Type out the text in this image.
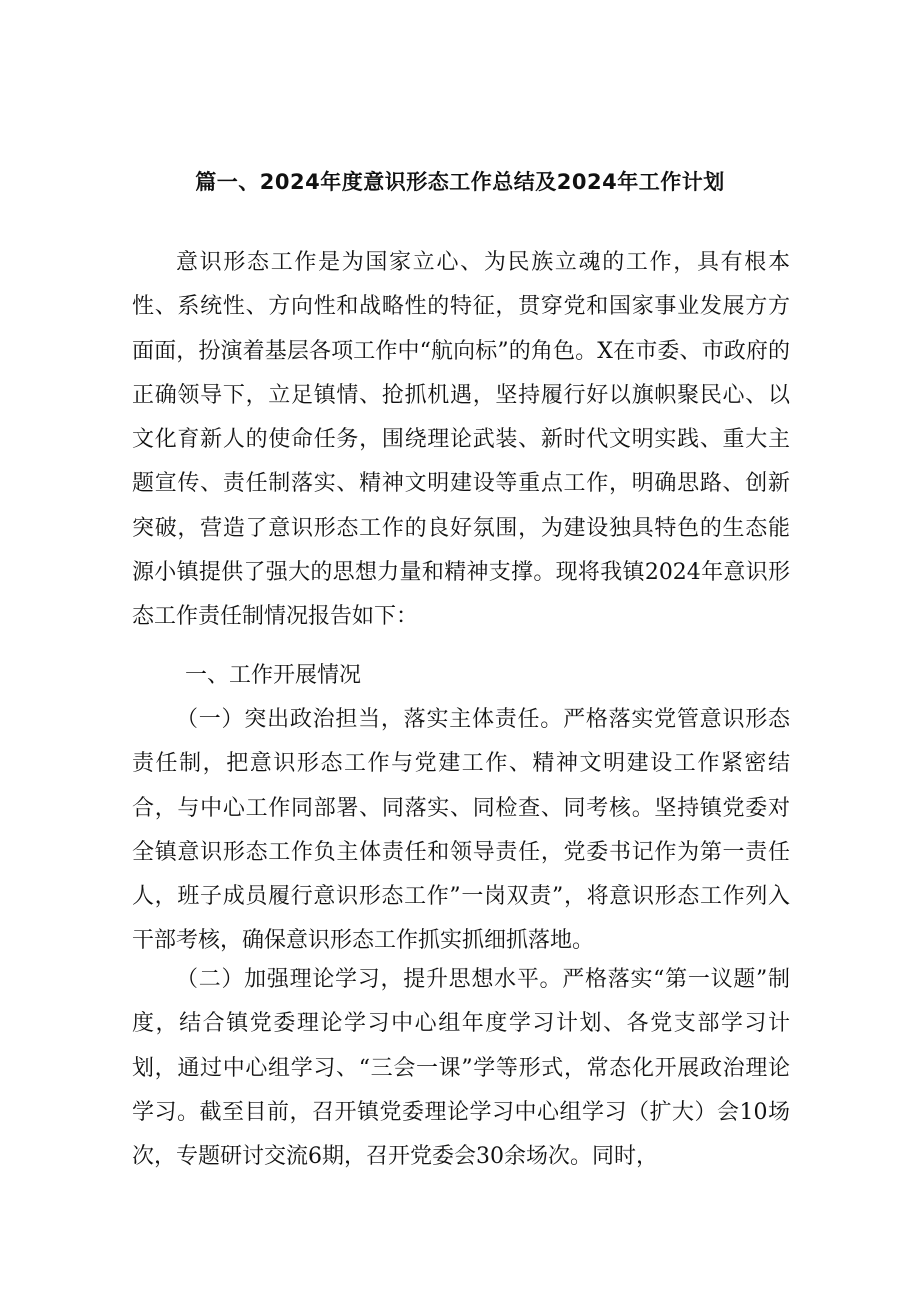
篇一、2024年度意识形态工作总结及2024年工作计划

意识形态工作是为国家立心、为民族立魂的工作，具有根本性、系统性、方向性和战略性的特征，贯穿党和国家事业发展方方面面，扮演着基层各项工作中“航向标”的角色。X在市委、市政府的正确领导下，立足镇情、抢抓机遇，坚持履行好以旗帜聚民心、以文化育新人的使命任务，围绕理论武装、新时代文明实践、重大主题宣传、责任制落实、精神文明建设等重点工作，明确思路、创新突破，营造了意识形态工作的良好氛围，为建设独具特色的生态能源小镇提供了强大的思想力量和精神支撑。现将我镇2024年意识形态工作责任制情况报告如下：

一、工作开展情况

（一）突出政治担当，落实主体责任。严格落实党管意识形态责任制，把意识形态工作与党建工作、精神文明建设工作紧密结合，与中心工作同部署、同落实、同检查、同考核。坚持镇党委对全镇意识形态工作负主体责任和领导责任，党委书记作为第一责任人，班子成员履行意识形态工作”一岗双责”，将意识形态工作列入干部考核，确保意识形态工作抓实抓细抓落地。

（二）加强理论学习，提升思想水平。严格落实“第一议题”制度，结合镇党委理论学习中心组年度学习计划、各党支部学习计划，通过中心组学习、“三会一课”学等形式，常态化开展政治理论学习。截至目前，召开镇党委理论学习中心组学习（扩大）会10场次，专题研讨交流6期，召开党委会30余场次。同时，
